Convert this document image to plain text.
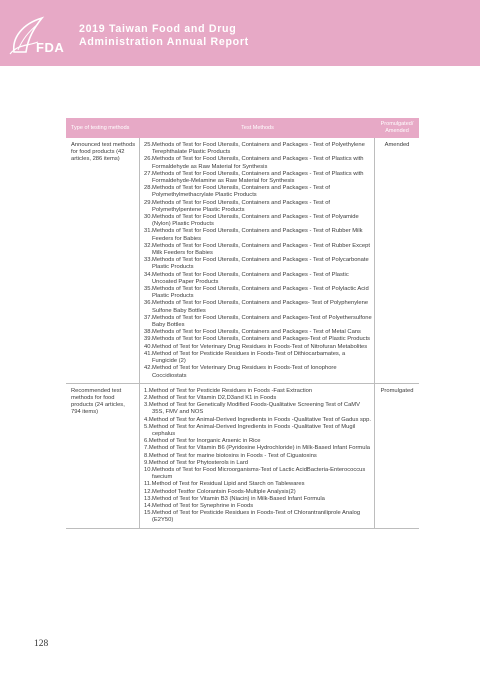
FDA
2019 Taiwan Food and Drug
Administration Annual Report
Type of testing methods	Test Methods
Promulgated/ Amended
Announced test methods for food products (42 articles, 286 items)
25.Methods of Test for Food Utensils, Containers and Packages - Test of Polyethylene Terephthalate Plastic Products
26.Methods of Test for Food Utensils, Containers and Packages - Test of Plastics with Formaldehyde as Raw Material for Synthesis
27.Methods of Test for Food Utensils, Containers and Packages - Test of Plastics with Formaldehyde-Melamine as Raw Material for Synthesis
28.Methods of Test for Food Utensils, Containers and Packages - Test of Polymethylmethacrylate Plastic Products
29.Methods of Test for Food Utensils, Containers and Packages - Test of Polymethylpentene Plastic Products
30.Methods of Test for Food Utensils, Containers and Packages - Test of Polyamide (Nylon) Plastic Products
31.Methods of Test for Food Utensils, Containers and Packages - Test of Rubber Milk Feeders for Babies
32.Methods of Test for Food Utensils, Containers and Packages - Test of Rubber Except Milk Feeders for Babies
33.Methods of Test for Food Utensils, Containers and Packages - Test of Polycarbonate Plastic Products
34.Methods of Test for Food Utensils, Containers and Packages - Test of Plastic Uncoated Paper Products
35.Methods of Test for Food Utensils, Containers and Packages - Test of Polylactic Acid Plastic Products
36.Methods of Test for Food Utensils, Containers and Packages- Test of Polyphenylene Sulfone Baby Bottles
37.Methods of Test for Food Utensils, Containers and Packages-Test of Polyethersulfone Baby Bottles
38.Methods of Test for Food Utensils, Containers and Packages - Test of Metal Cans
39.Methods of Test for Food Utensils, Containers and Packages-Test of Plastic Products
40.Method of Test for Veterinary Drug Residues in Foods-Test of Nitrofuran Metabolites
41.Method of Test for Pesticide Residues in Foods-Test of Dithiocarbamates, a Fungicide (2)
42.Method of Test for Veterinary Drug Residues in Foods-Test of Ionophore Coccidiostats
Amended
Recommended test methods for food products (24 articles, 794 items)
1.Method of Test for Pesticide Residues in Foods -Fast Extraction
2.Method of Test for Vitamin D2,D3and K1 in Foods
3.Method of Test for Genetically Modified Foods-Qualitative Screening Test of CaMV 35S, FMV and NOS
4.Method of Test for Animal-Derived Ingredients in Foods -Qualitative Test of Gadus spp.
5.Method of Test for Animal-Derived Ingredients in Foods -Qualitative Test of Mugil cephalus
6.Method of Test for Inorganic Arsenic in Rice
7.Method of Test for Vitamin B6 (Pyridoxine Hydrochloride) in Milk-Based Infant Formula
8.Method of Test for marine biotoxins in Foods - Test of Ciguatoxins
9.Method of Test for Phytosterols in Lard
10.Methods of Test for Food Microorganisms-Test of Lactic AcidBacteria-Enterococcus faecium
11.Method of Test for Residual Lipid and Starch on Tablewares
12.Methodof Testfor Colorantsin Foods-Multiple Analysis(2)
13.Method of Test for Vitamin B3 (Niacin) in Milk-Based Infant Formula
14.Method of Test for Synephrine in Foods
15.Method of Test for Pesticide Residues in Foods-Test of Chlorantraniliprole Analog (E2Y50)
Promulgated
128
